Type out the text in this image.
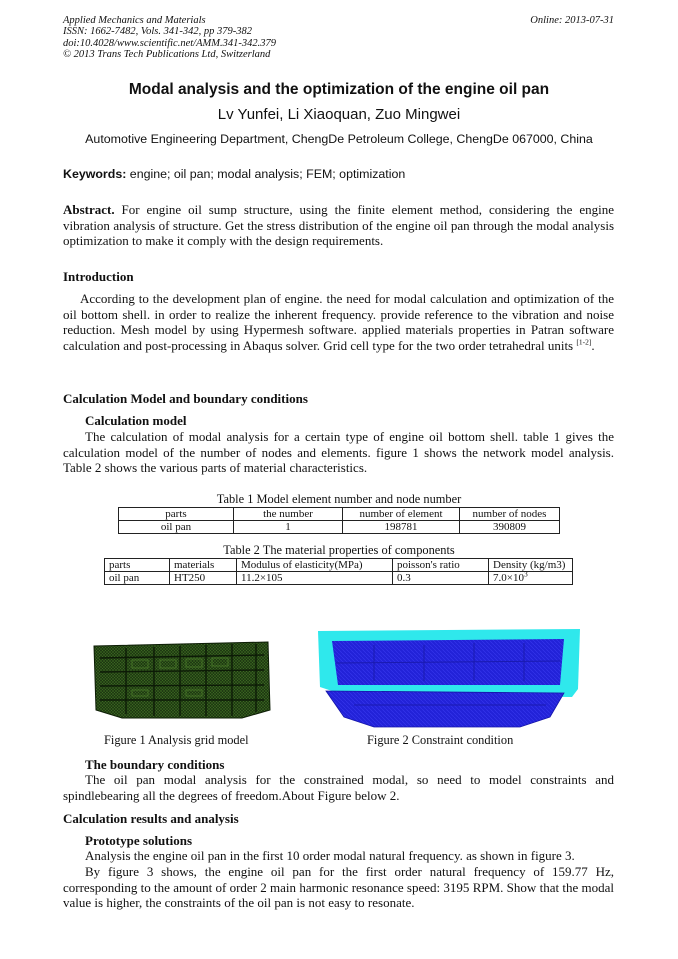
Applied Mechanics and Materials
ISSN: 1662-7482, Vols. 341-342, pp 379-382
doi:10.4028/www.scientific.net/AMM.341-342.379
© 2013 Trans Tech Publications Ltd, Switzerland
Online: 2013-07-31
Modal analysis and the optimization of the engine oil pan
Lv Yunfei, Li Xiaoquan, Zuo Mingwei
Automotive Engineering Department, ChengDe Petroleum College, ChengDe 067000, China
Keywords: engine; oil pan; modal analysis; FEM; optimization
Abstract. For engine oil sump structure, using the finite element method, considering the engine vibration analysis of structure. Get the stress distribution of the engine oil pan through the modal analysis optimization to make it comply with the design requirements.
Introduction
According to the development plan of engine. the need for modal calculation and optimization of the oil bottom shell. in order to realize the inherent frequency. provide reference to the vibration and noise reduction. Mesh model by using Hypermesh software. applied materials properties in Patran software calculation and post-processing in Abaqus solver. Grid cell type for the two order tetrahedral units [1-2].
Calculation Model and boundary conditions
Calculation model
The calculation of modal analysis for a certain type of engine oil bottom shell. table 1 gives the calculation model of the number of nodes and elements. figure 1 shows the network model analysis. Table 2 shows the various parts of material characteristics.
Table 1 Model element number and node number
parts	the number	number of element	number of nodes
oil pan	1	198781	390809
Table 2 The material properties of components
parts	materials	Modulus of elasticity(MPa)	poisson's ratio	Density (kg/m3)
oil pan	HT250	11.2×105	0.3	$7.0\times 10^3$
Figure 1 Analysis grid model	Figure 2 Constraint condition
The boundary conditions
The oil pan modal analysis for the constrained modal, so need to model constraints and spindlebearing all the degrees of freedom.About Figure below 2.
Calculation results and analysis
Prototype solutions
Analysis the engine oil pan in the first 10 order modal natural frequency. as shown in figure 3.
By figure 3 shows, the engine oil pan for the first order natural frequency of 159.77 Hz, corresponding to the amount of order 2 main harmonic resonance speed: 3195 RPM. Show that the modal value is higher, the constraints of the oil pan is not easy to resonate.
